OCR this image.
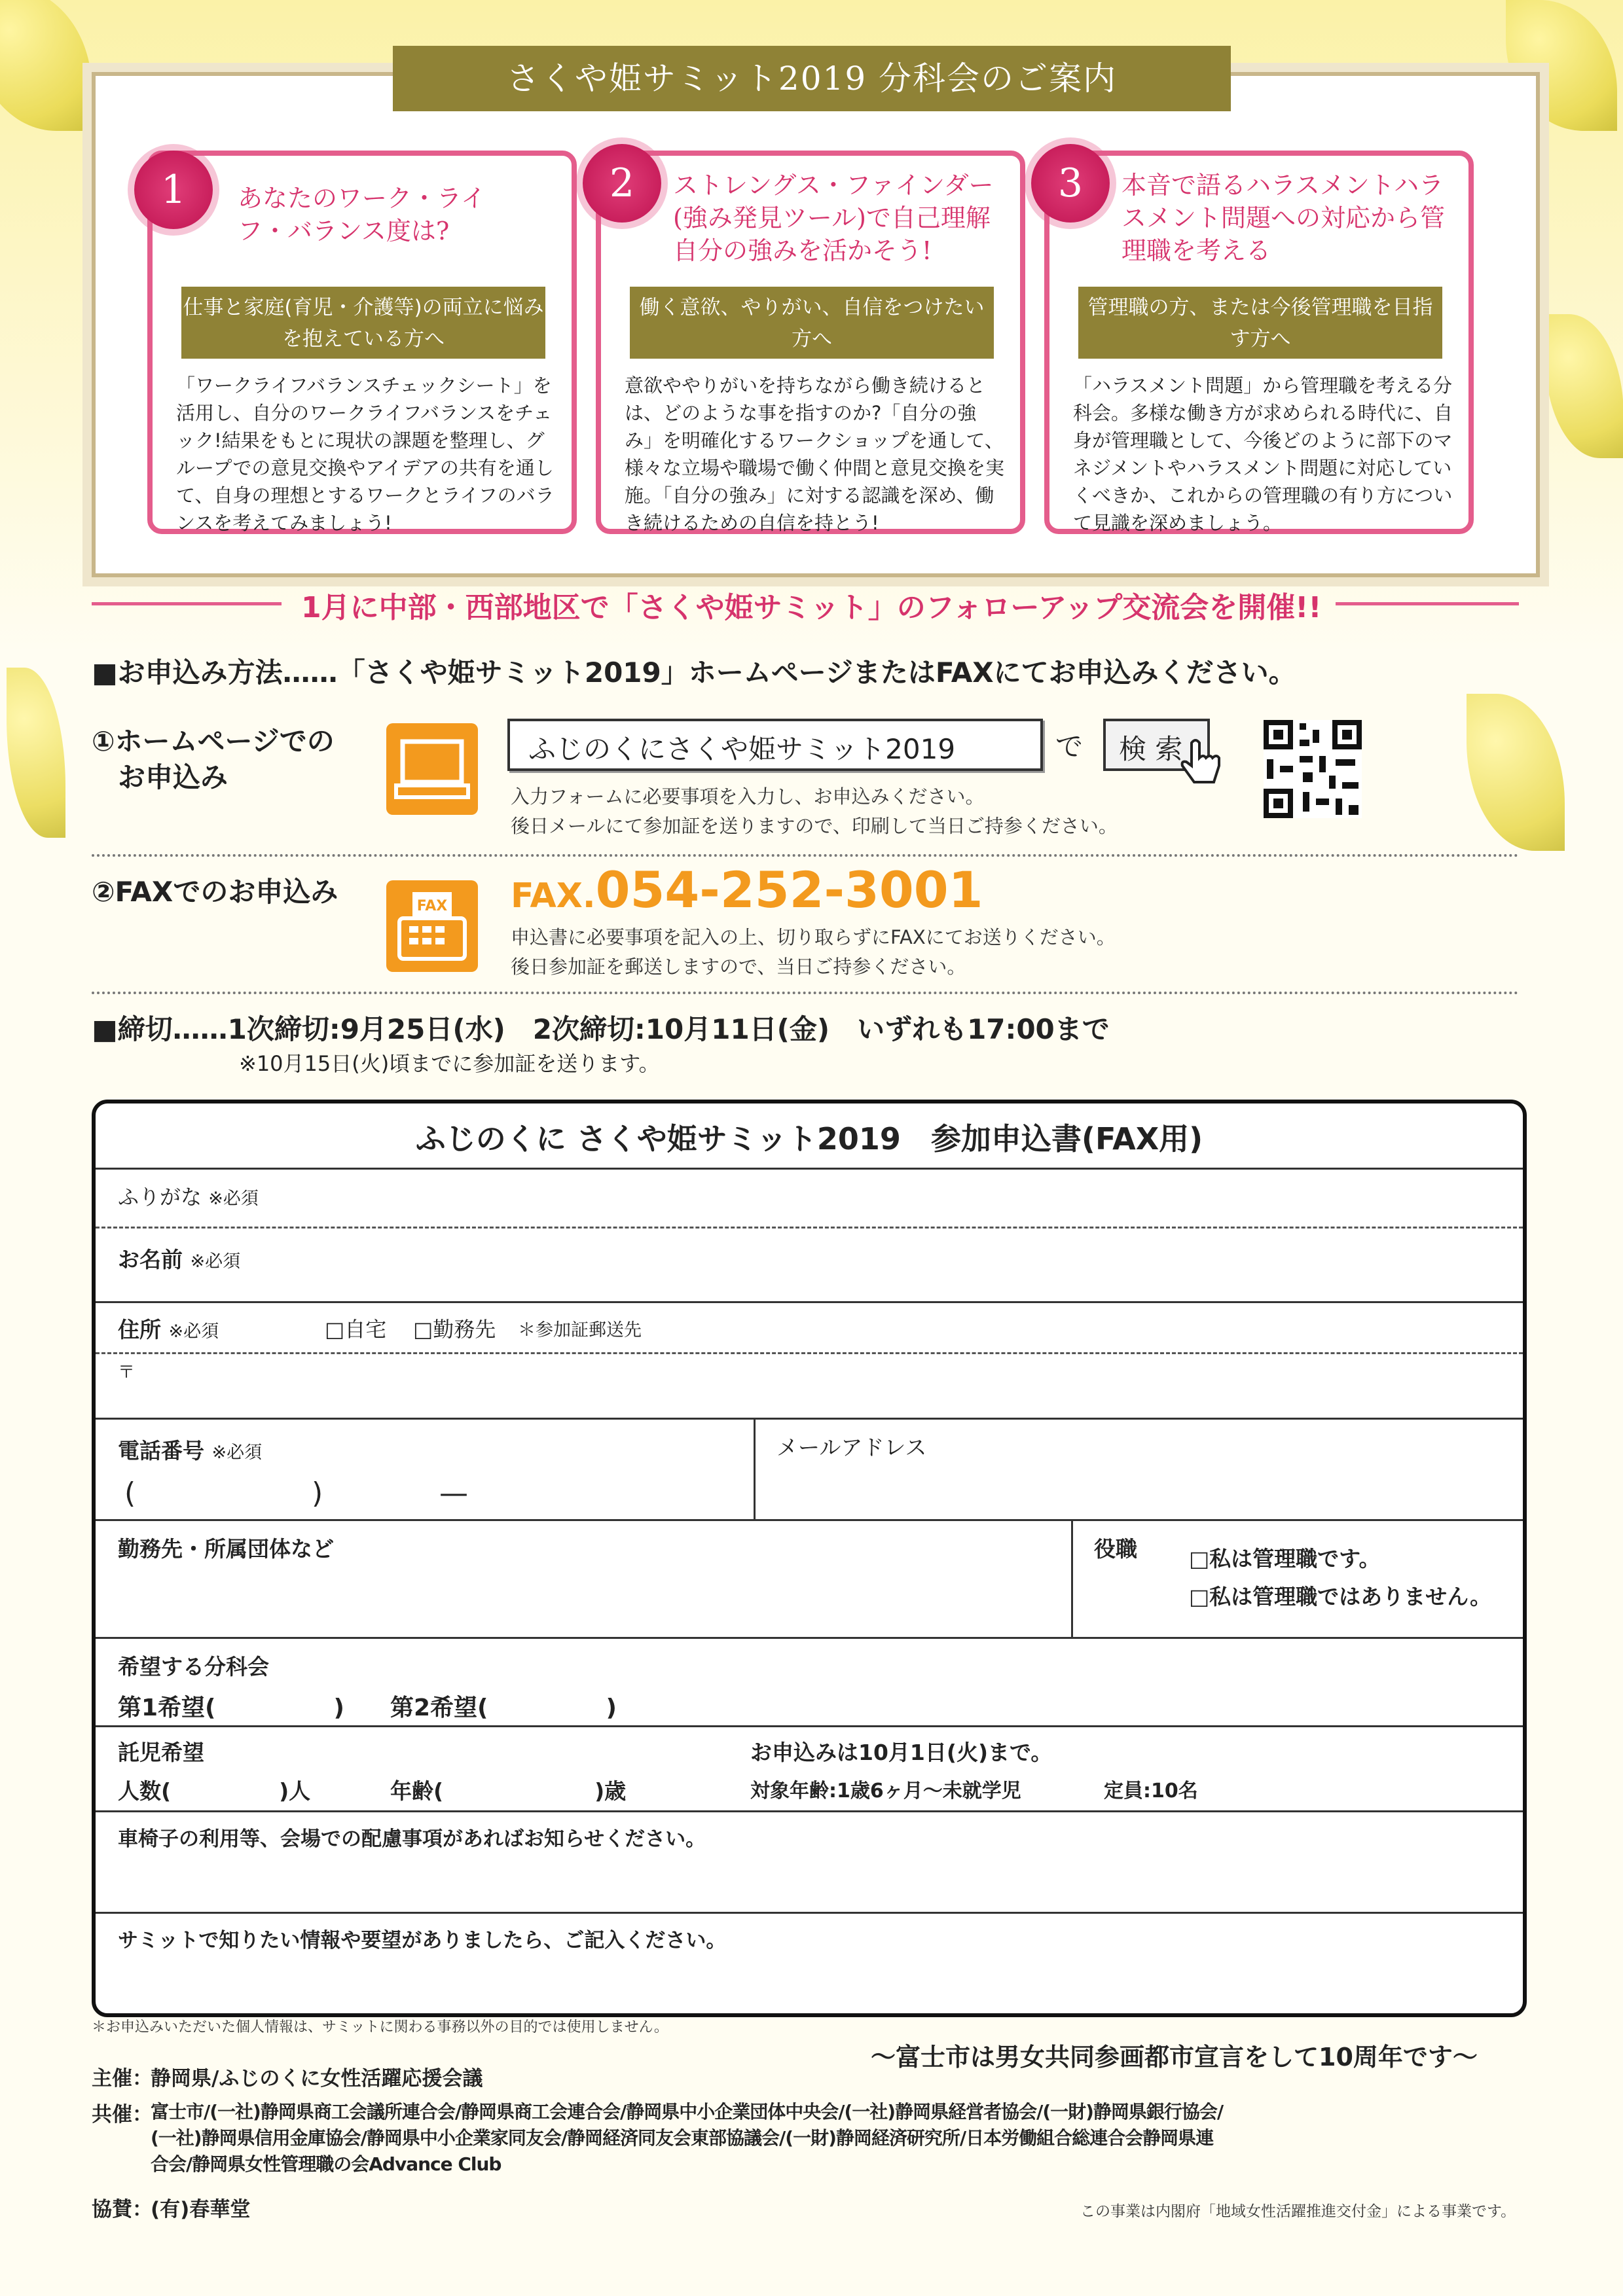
さくや姫サミット2019 分科会のご案内
あなたのワーク・ライフ・バランス度は?
仕事と家庭(育児・介護等)の両立に悩みを抱えている方へ
「ワークライフバランスチェックシート」を活用し、自分のワークライフバランスをチェック!結果をもとに現状の課題を整理し、グループでの意見交換やアイデアの共有を通して、自身の理想とするワークとライフのバランスを考えてみましょう!
1	ストレングス・ファインダー(強み発見ツール)で自己理解自分の強みを活かそう!
働く意欲、やりがい、自信をつけたい方へ
意欲ややりがいを持ちながら働き続けるとは、どのような事を指すのか?「自分の強み」を明確化するワークショップを通して、様々な立場や職場で働く仲間と意見交換を実施。「自分の強み」に対する認識を深め、働き続けるための自信を持とう!
2	本音で語るハラスメントハラスメント問題への対応から管理職を考える
管理職の方、または今後管理職を目指す方へ
「ハラスメント問題」から管理職を考える分科会。多様な働き方が求められる時代に、自身が管理職として、今後どのように部下のマネジメントやハラスメント問題に対応していくべきか、これからの管理職の有り方について見識を深めましょう。
3
1月に中部・西部地区で「さくや姫サミット」のフォローアップ交流会を開催!!
■お申込み方法……「さくや姫サミット2019」ホームページまたはFAXにてお申込みください。
①ホームページでの
お申込み
ふじのくにさくや姫サミット2019	で 検 索
入力フォームに必要事項を入力し、お申込みください。
後日メールにて参加証を送りますので、印刷して当日ご持参ください。
②FAXでのお申込み	FAX FAX.054-252-3001
申込書に必要事項を記入の上、切り取らずにFAXにてお送りください。
後日参加証を郵送しますので、当日ご持参ください。
■締切……1次締切:9月25日(水)　2次締切:10月11日(金)　いずれも17:00まで
※10月15日(火)頃までに参加証を送ります。
ふじのくに さくや姫サミット2019　参加申込書(FAX用)
ふりがな ※必須
お名前 ※必須
住所 ※必須	□自宅 □勤務先 ＊参加証郵送先
〒
電話番号 ※必須
(	)	—
メールアドレス
勤務先・所属団体など	役職 □私は管理職です。
□私は管理職ではありません。
希望する分科会
第1希望(　　　　　) 第2希望(　　　　　)
託児希望	お申込みは10月1日(火)まで。
人数(　　　　　)人	年齢(　　　　　　　)歳	対象年齢:1歳6ヶ月〜未就学児	定員:10名
車椅子の利用等、会場での配慮事項があればお知らせください。
サミットで知りたい情報や要望がありましたら、ご記入ください。
＊お申込みいただいた個人情報は、サミットに関わる事務以外の目的では使用しません。
〜富士市は男女共同参画都市宣言をして10周年です〜
主催：
静岡県/ふじのくに女性活躍応援会議
共催：
富士市/(一社)静岡県商工会議所連合会/静岡県商工会連合会/静岡県中小企業団体中央会/(一社)静岡県経営者協会/(一財)静岡県銀行協会/
(一社)静岡県信用金庫協会/静岡県中小企業家同友会/静岡経済同友会東部協議会/(一財)静岡経済研究所/日本労働組合総連合会静岡県連
合会/静岡県女性管理職の会Advance Club
協賛：
(有)春華堂	この事業は内閣府「地域女性活躍推進交付金」による事業です。
